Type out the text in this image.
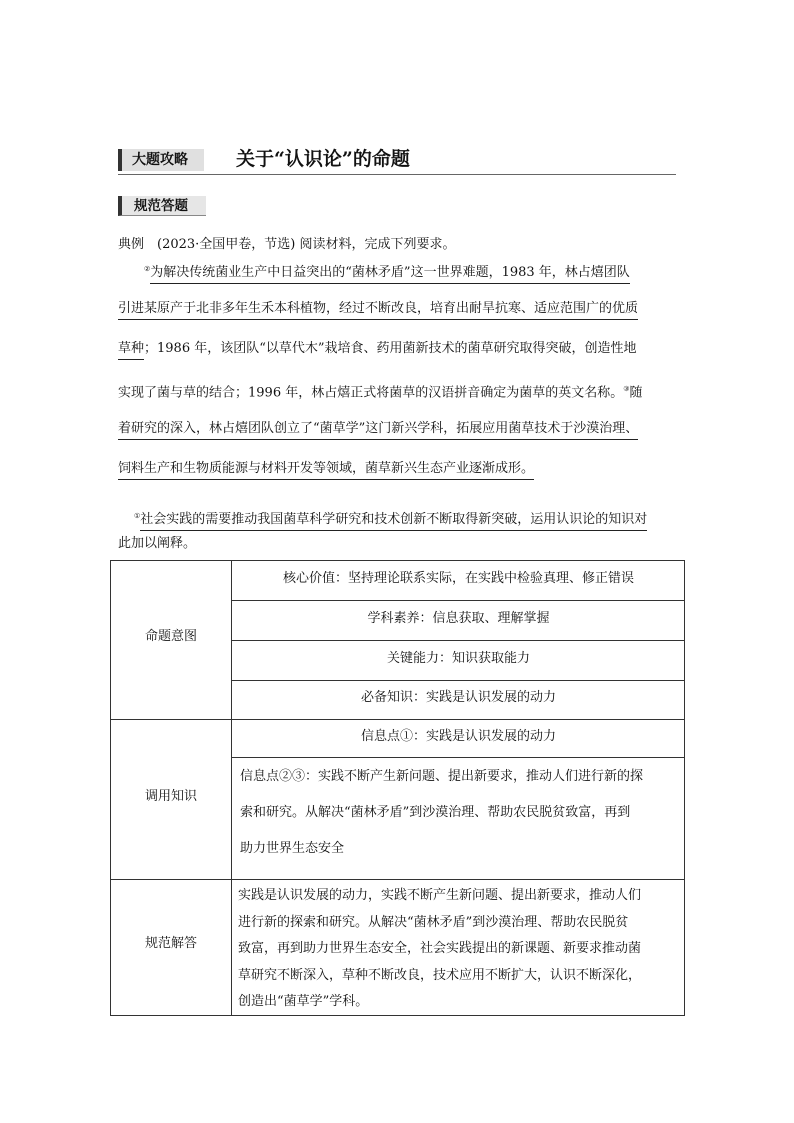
大题攻略	关于“认识论”的命题
规范答题
典例　(2023·全国甲卷，节选) 阅读材料，完成下列要求。
②为解决传统菌业生产中日益突出的“菌林矛盾”这一世界难题，1983 年，林占熺团队
引进某原产于北非多年生禾本科植物，经过不断改良，培育出耐旱抗寒、适应范围广的优质
草种；1986 年，该团队“以草代木”栽培食、药用菌新技术的菌草研究取得突破，创造性地
实现了菌与草的结合；1996 年，林占熺正式将菌草的汉语拼音确定为菌草的英文名称。③随
着研究的深入，林占熺团队创立了“菌草学”这门新兴学科，拓展应用菌草技术于沙漠治理、
饲料生产和生物质能源与材料开发等领域，菌草新兴生态产业逐渐成形。
①社会实践的需要推动我国菌草科学研究和技术创新不断取得新突破，运用认识论的知识对
此加以阐释。
命题意图
核心价值：坚持理论联系实际，在实践中检验真理、修正错误
学科素养：信息获取、理解掌握
关键能力：知识获取能力
必备知识：实践是认识发展的动力
调用知识
信息点①：实践是认识发展的动力
信息点②③：实践不断产生新问题、提出新要求，推动人们进行新的探
索和研究。从解决“菌林矛盾”到沙漠治理、帮助农民脱贫致富，再到
助力世界生态安全
规范解答
实践是认识发展的动力，实践不断产生新问题、提出新要求，推动人们
进行新的探索和研究。从解决“菌林矛盾”到沙漠治理、帮助农民脱贫
致富，再到助力世界生态安全，社会实践提出的新课题、新要求推动菌
草研究不断深入，草种不断改良，技术应用不断扩大，认识不断深化，
创造出“菌草学”学科。
